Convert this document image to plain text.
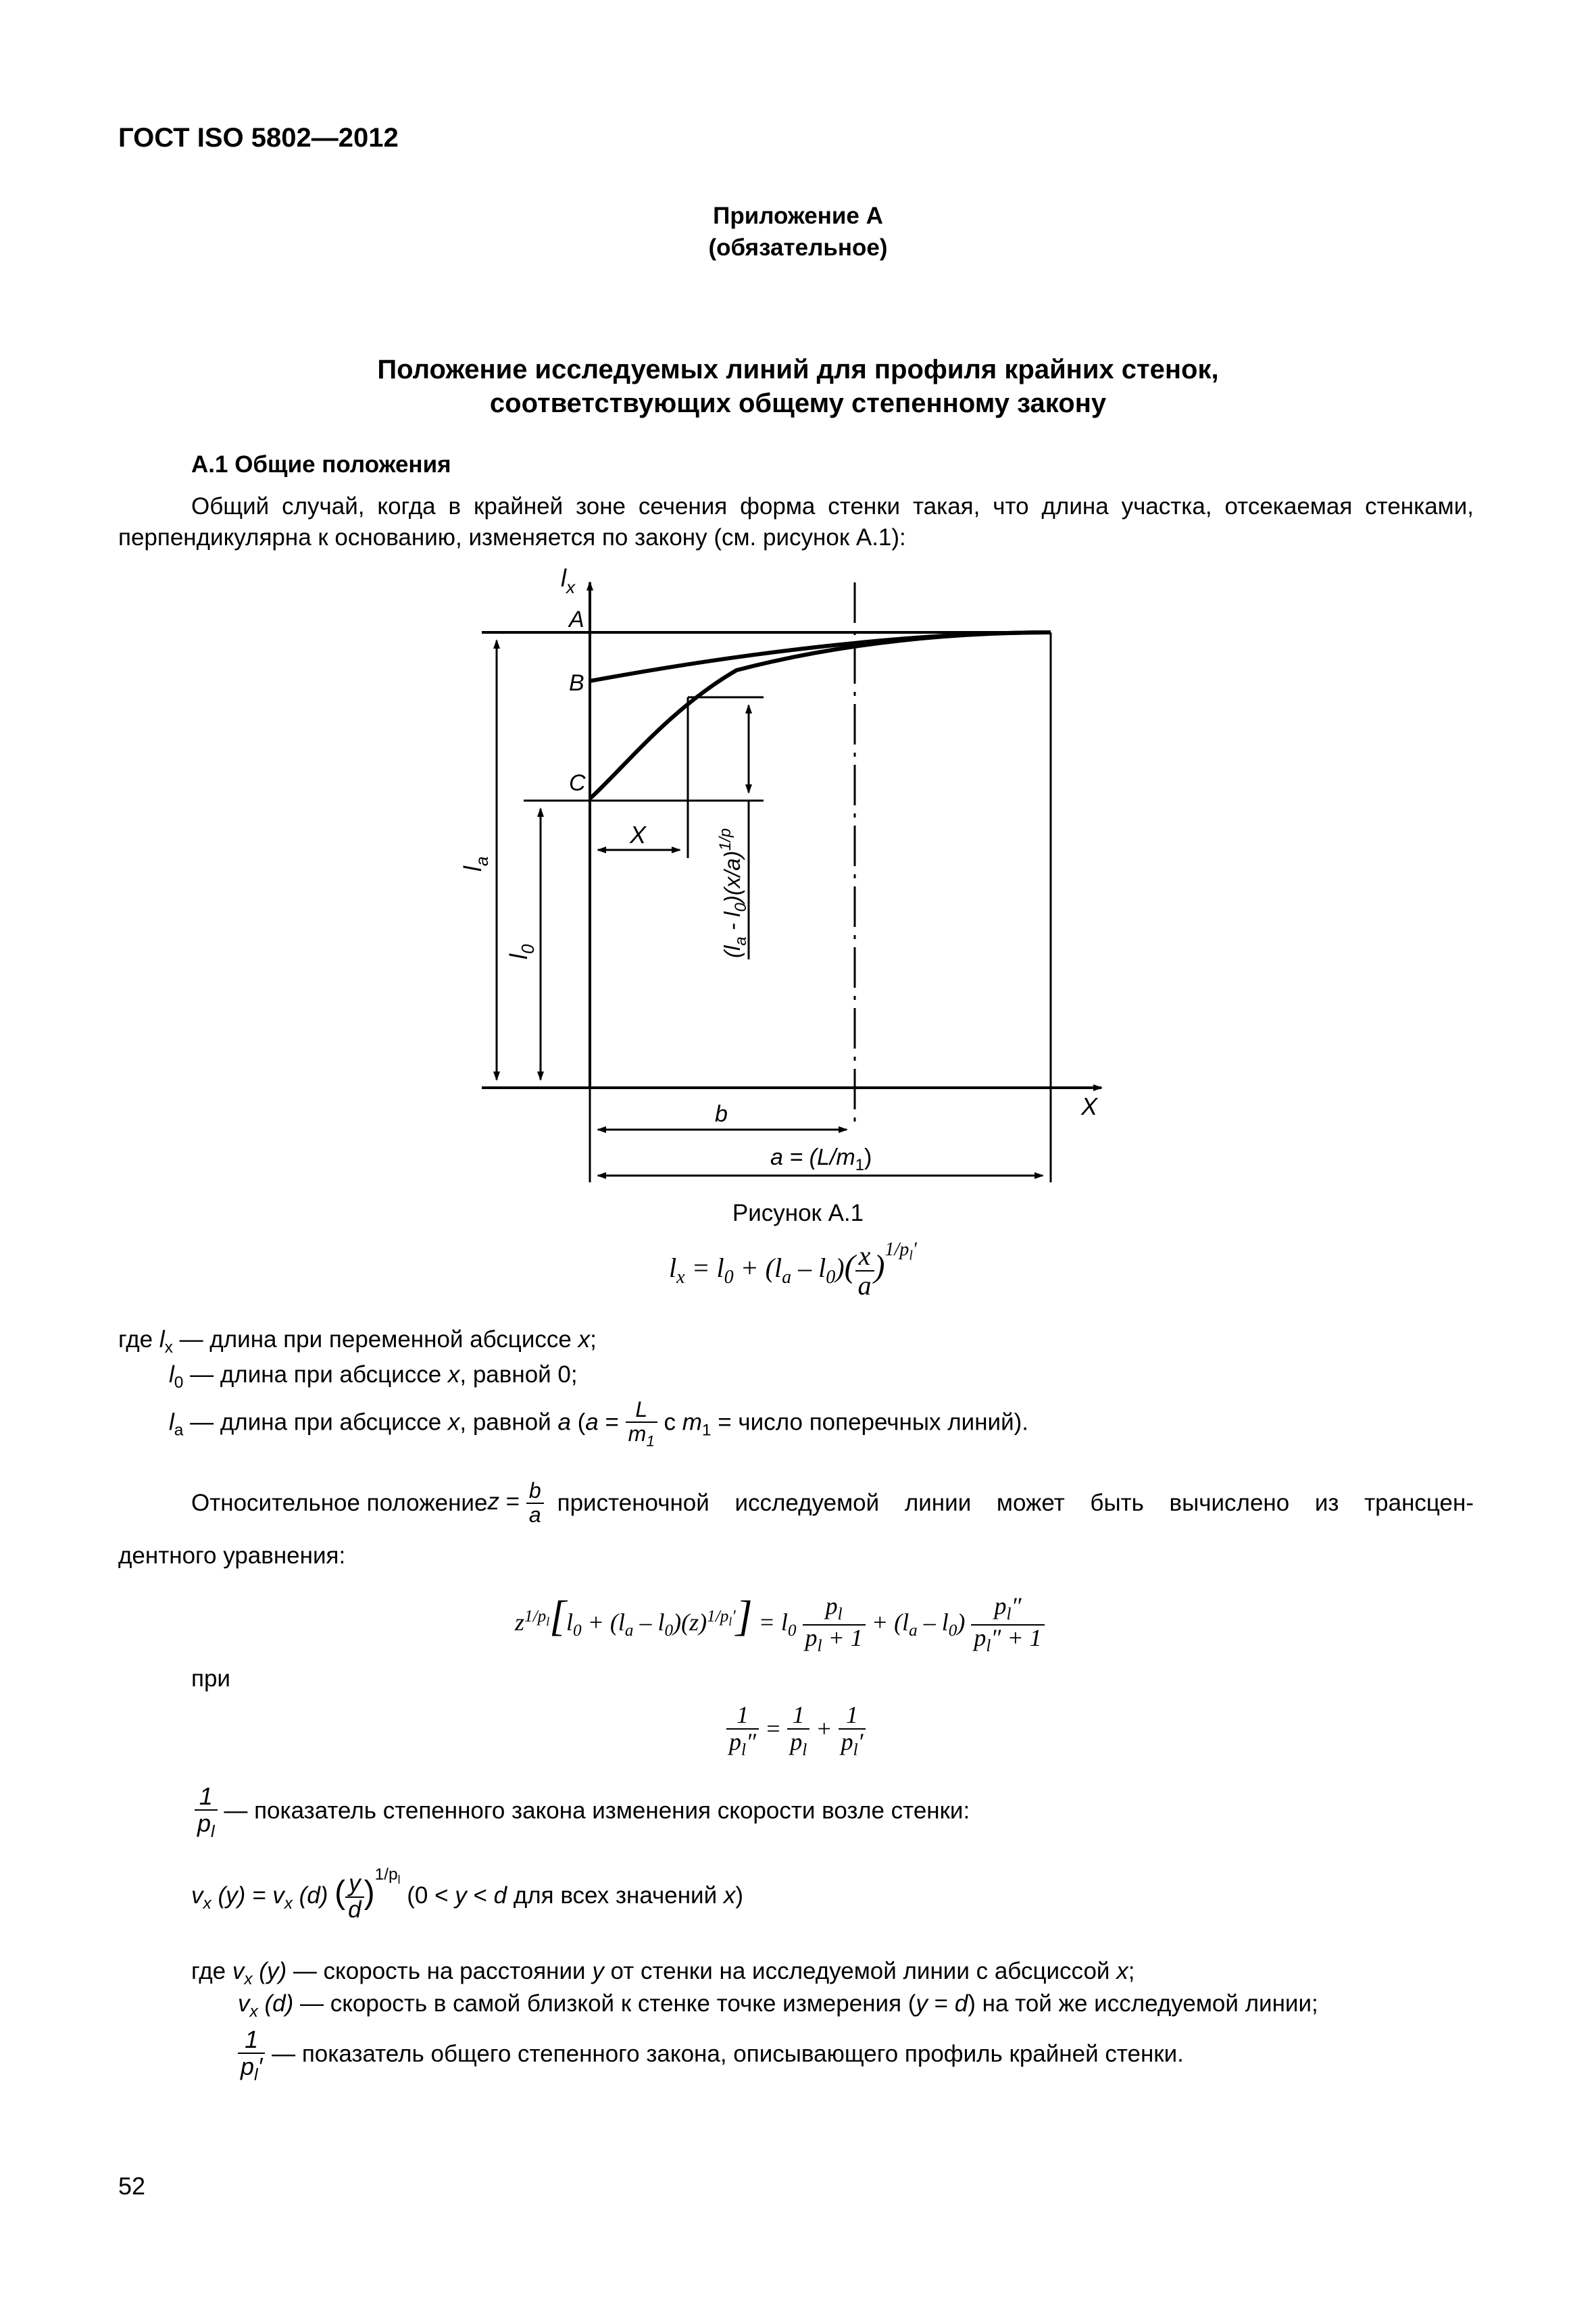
ГОСТ ISO 5802—2012
Приложение А
(обязательное)
Положение исследуемых линий для профиля крайних стенок,
соответствующих общему степенному закону
А.1 Общие положения
Общий случай, когда в крайней зоне сечения форма стенки такая, что длина участка, отсекаемая стенками,
перпендикулярна к основанию, изменяется по закону (см. рисунок А.1):
$l_x$
A
B
C
X
X
b
$a = (L/m_1)$
$l_a$
$l_0$	$(l_a - l_0)(x/a)^{1/p}$
Рисунок А.1
$l_x = l_0 + (l_a - l_0)( \frac{x}{a} )^{1/p_l'}$
где $l_x$ — длина при переменной абсциссе x;
$l_0$ — длина при абсциссе x, равной 0;
$l_a$ — длина при абсциссе x, равной a ($a = \frac{L}{m_1}$ с $m_1$ = число поперечных линий).
Относительное положение $z = \frac{b}{a}$ пристеночной исследуемой линии может быть вычислено из трансцен-
дентного уравнения:
$z^{1/p_l}[l_0 + (l_a - l_0)(z)^{1/p_l'}] = l_0 \frac{p_l}{p_l + 1} + (l_a - l_0) \frac{p_l''}{p_l'' + 1}$
при
$\frac{1}{p_l''} = \frac{1}{p_l} + \frac{1}{p_l'}$
$\frac{1}{p_l}$ — показатель степенного закона изменения скорости возле стенки:
$v_x$ $(y) = v_x$ (d) ( $\frac{y}{d} )^{1/p_l}$ (0 < y < d для всех значений x)
где $v_x$ (y) — скорость на расстоянии y от стенки на исследуемой линии с абсциссой x;
$v_x$ (d) — скорость в самой близкой к стенке точке измерения (y = d) на той же исследуемой линии;
$\frac{1}{p_l'}$ — показатель общего степенного закона, описывающего профиль крайней стенки.
52
